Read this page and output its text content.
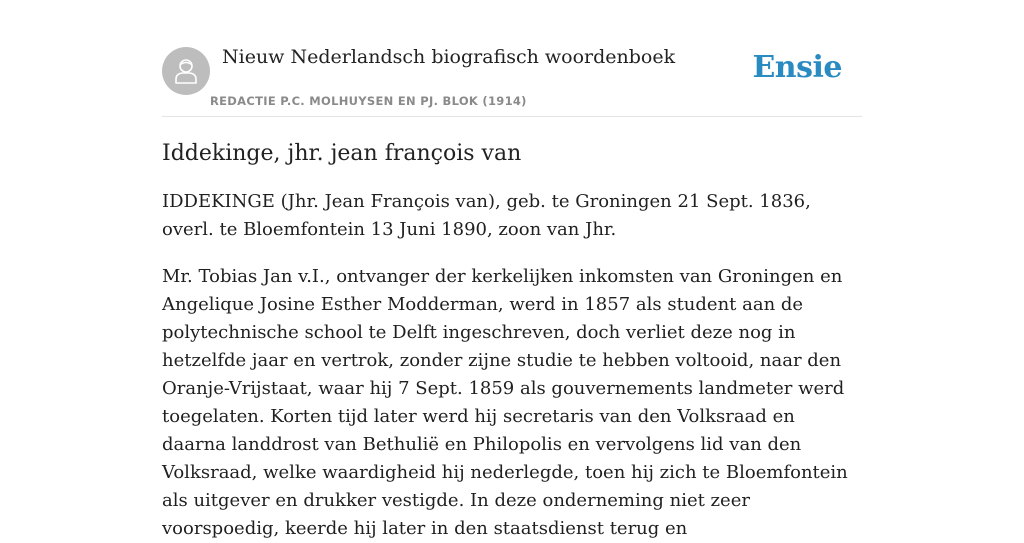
Nieuw Nederlandsch biografisch woordenboek
REDACTIE P.C. MOLHUYSEN EN PJ. BLOK (1914)
Ensie
Iddekinge, jhr. jean françois van

IDDEKINGE (Jhr. Jean François van), geb. te Groningen 21 Sept. 1836, overl. te Bloemfontein 13 Juni 1890, zoon van Jhr.

Mr. Tobias Jan v.I., ontvanger der kerkelijken inkomsten van Groningen en Angelique Josine Esther Modderman, werd in 1857 als student aan de polytechnische school te Delft ingeschreven, doch verliet deze nog in hetzelfde jaar en vertrok, zonder zijne studie te hebben voltooid, naar den Oranje-Vrijstaat, waar hij 7 Sept. 1859 als gouvernements landmeter werd toegelaten. Korten tijd later werd hij secretaris van den Volksraad en daarna landdrost van Bethulië en Philopolis en vervolgens lid van den Volksraad, welke waardigheid hij nederlegde, toen hij zich te Bloemfontein als uitgever en drukker vestigde. In deze onderneming niet zeer voorspoedig, keerde hij later in den staatsdienst terug en
